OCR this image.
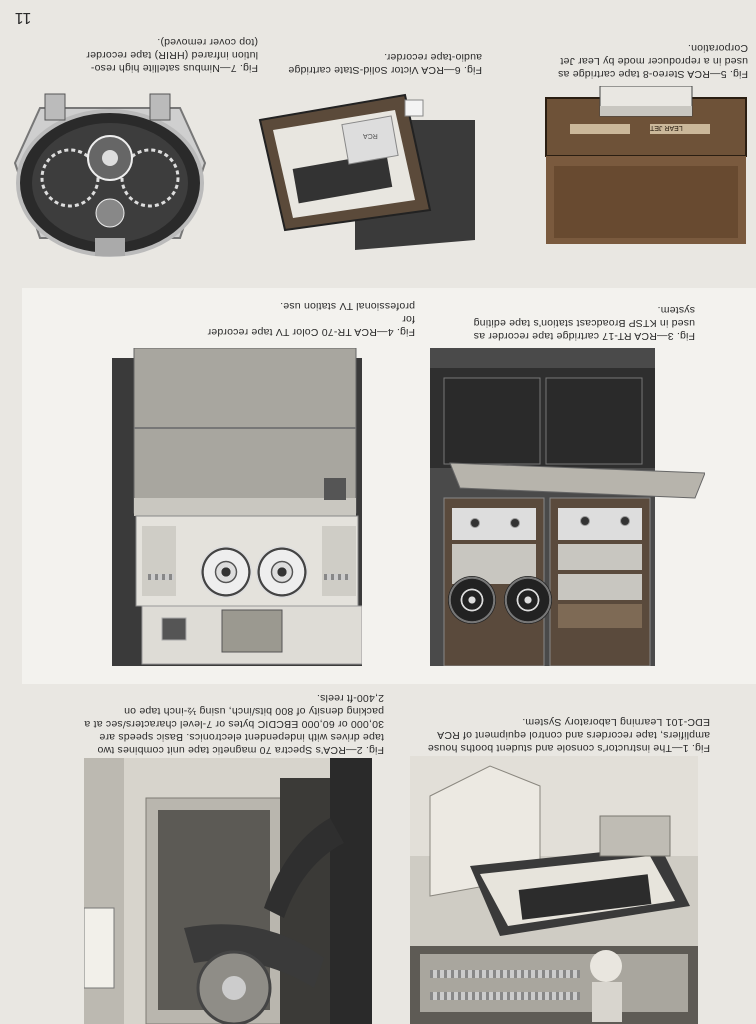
11
Fig. 7—Nimbus satellite high reso-
lution infrared (HRIR) tape recorder
(top cover removed).
Fig. 6—RCA Victor Solid-State cartridge
audio-tape recorder.
Fig. 5—RCA Stereo-8 tape cartridge as
used in a reproducer mode by Lear Jet
Corporation.
RCA
LEAR JET
Fig. 4—RCA TR-70 Color TV tape recorder for
professional TV station use.
Fig. 3—RCA RT-17 cartridge tape recorder as
used in KTSP Broadcast station's tape editing
system.
Fig. 2—RCA's Spectra 70 magnetic tape unit combines two
tape drives with independent electronics. Basic speeds are
30,000 or 60,000 EBCDIC bytes or 7-level characters/sec at a
packing density of 800 bits/inch, using ½-inch tape on
2,400-ft reels.
Fig. 1—The instructor's console and student booths house
amplifiers, tape recorders and control equipment of RCA
EDC-101 Learning Laboratory System.
